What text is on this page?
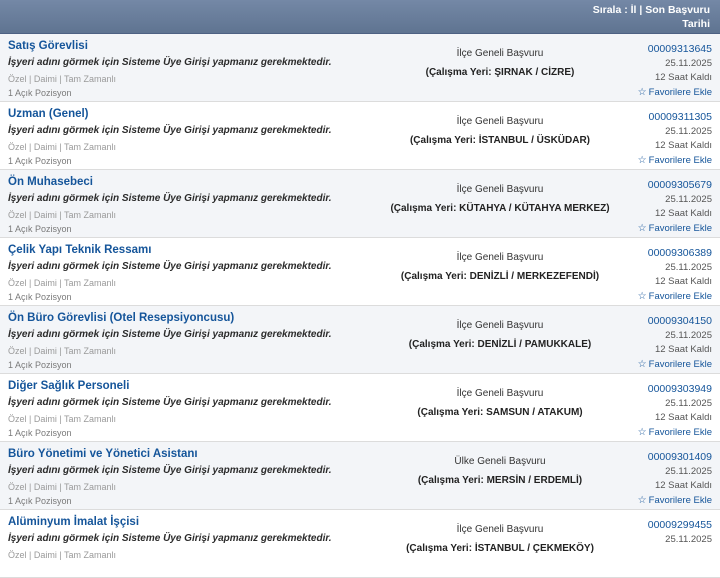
Sırala : İl | Son Başvuru
Tarihi
Satış Görevlisi
İşyeri adını görmek için Sisteme Üye Girişi yapmanız gerekmektedir.
Özel | Daimi | Tam Zamanlı
1 Açık Pozisyon
İlçe Geneli Başvuru
(Çalışma Yeri: ŞIRNAK / CİZRE)
00009313645
25.11.2025
12 Saat Kaldı
☆ Favorilere Ekle
Uzman (Genel)
İşyeri adını görmek için Sisteme Üye Girişi yapmanız gerekmektedir.
Özel | Daimi | Tam Zamanlı
1 Açık Pozisyon
İlçe Geneli Başvuru
(Çalışma Yeri: İSTANBUL / ÜSKÜDAR)
00009311305
25.11.2025
12 Saat Kaldı
☆ Favorilere Ekle
Ön Muhasebeci
İşyeri adını görmek için Sisteme Üye Girişi yapmanız gerekmektedir.
Özel | Daimi | Tam Zamanlı
1 Açık Pozisyon
İlçe Geneli Başvuru
(Çalışma Yeri: KÜTAHYA / KÜTAHYA MERKEZ)
00009305679
25.11.2025
12 Saat Kaldı
☆ Favorilere Ekle
Çelik Yapı Teknik Ressamı
İşyeri adını görmek için Sisteme Üye Girişi yapmanız gerekmektedir.
Özel | Daimi | Tam Zamanlı
1 Açık Pozisyon
İlçe Geneli Başvuru
(Çalışma Yeri: DENİZLİ / MERKEZEFENDİ)
00009306389
25.11.2025
12 Saat Kaldı
☆ Favorilere Ekle
Ön Büro Görevlisi (Otel Resepsiyoncusu)
İşyeri adını görmek için Sisteme Üye Girişi yapmanız gerekmektedir.
Özel | Daimi | Tam Zamanlı
1 Açık Pozisyon
İlçe Geneli Başvuru
(Çalışma Yeri: DENİZLİ / PAMUKKALE)
00009304150
25.11.2025
12 Saat Kaldı
☆ Favorilere Ekle
Diğer Sağlık Personeli
İşyeri adını görmek için Sisteme Üye Girişi yapmanız gerekmektedir.
Özel | Daimi | Tam Zamanlı
1 Açık Pozisyon
İlçe Geneli Başvuru
(Çalışma Yeri: SAMSUN / ATAKUM)
00009303949
25.11.2025
12 Saat Kaldı
☆ Favorilere Ekle
Büro Yönetimi ve Yönetici Asistanı
İşyeri adını görmek için Sisteme Üye Girişi yapmanız gerekmektedir.
Özel | Daimi | Tam Zamanlı
1 Açık Pozisyon
Ülke Geneli Başvuru
(Çalışma Yeri: MERSİN / ERDEMLİ)
00009301409
25.11.2025
12 Saat Kaldı
☆ Favorilere Ekle
Alüminyum İmalat İşçisi
İşyeri adını görmek için Sisteme Üye Girişi yapmanız gerekmektedir.
Özel | Daimi | Tam Zamanlı
İlçe Geneli Başvuru
(Çalışma Yeri: İSTANBUL / ÇEKMEKÖY)
00009299455
25.11.2025
